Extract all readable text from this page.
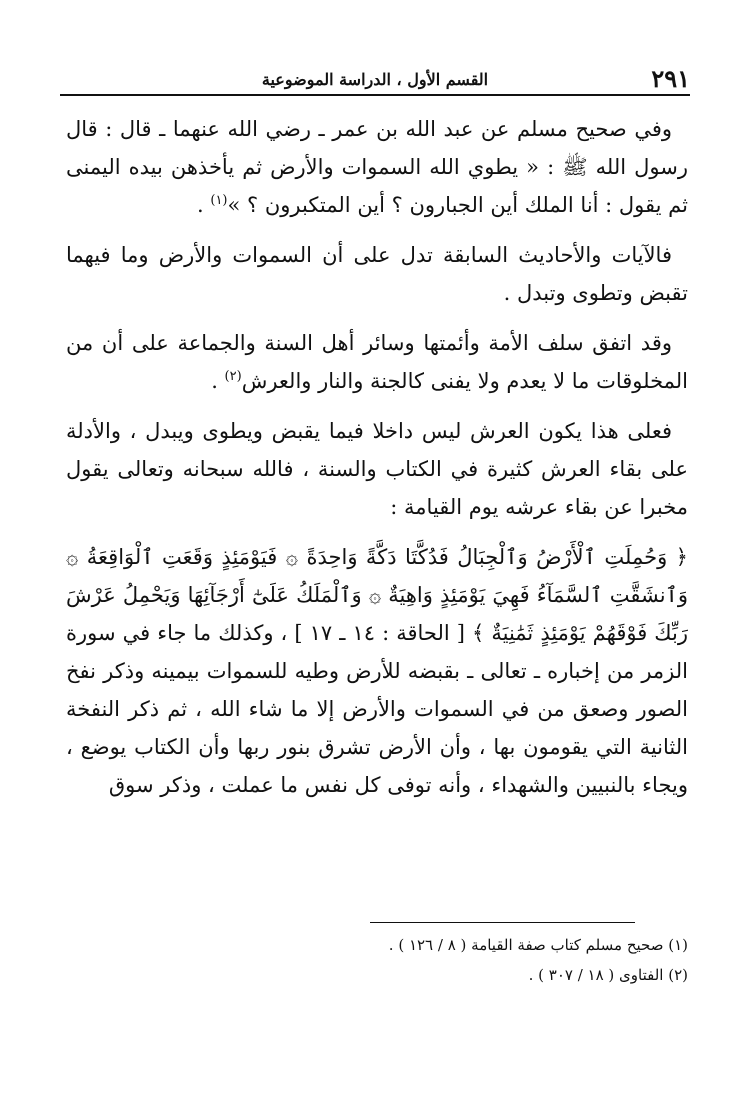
٢٩١
القسم الأول ، الدراسة الموضوعية

وفي صحيح مسلم عن عبد الله بن عمر ـ رضي الله عنهما ـ قال : قال رسول الله ﷺ : « يطوي الله السموات والأرض ثم يأخذهن بيده اليمنى ثم يقول : أنا الملك أين الجبارون ؟ أين المتكبرون ؟ »$^{(١)}$ .

فالآيات والأحاديث السابقة تدل على أن السموات والأرض وما فيهما تقبض وتطوى وتبدل .

وقد اتفق سلف الأمة وأئمتها وسائر أهل السنة والجماعة على أن من المخلوقات ما لا يعدم ولا يفنى كالجنة والنار والعرش$^{(٢)}$ .

فعلى هذا يكون العرش ليس داخلا فيما يقبض ويطوى ويبدل ، والأدلة على بقاء العرش كثيرة في الكتاب والسنة ، فالله سبحانه وتعالى يقول مخبرا عن بقاء عرشه يوم القيامة :

﴿ وَحُمِلَتِ ٱلْأَرْضُ وَٱلْجِبَالُ فَدُكَّتَا دَكَّةً وَاحِدَةً ۞ فَيَوْمَئِذٍ وَقَعَتِ ٱلْوَاقِعَةُ ۞ وَٱنشَقَّتِ ٱلسَّمَآءُ فَهِيَ يَوْمَئِذٍ وَاهِيَةٌ ۞ وَٱلْمَلَكُ عَلَىٰٓ أَرْجَآئِهَا وَيَحْمِلُ عَرْشَ رَبِّكَ فَوْقَهُمْ يَوْمَئِذٍ ثَمَٰنِيَةٌ ﴾ [ الحاقة : ١٤ ـ ١٧ ] ، وكذلك ما جاء في سورة الزمر من إخباره ـ تعالى ـ بقبضه للأرض وطيه للسموات بيمينه وذكر نفخ الصور وصعق من في السموات والأرض إلا ما شاء الله ، ثم ذكر النفخة الثانية التي يقومون بها ، وأن الأرض تشرق بنور ربها وأن الكتاب يوضع ، ويجاء بالنبيين والشهداء ، وأنه توفى كل نفس ما عملت ، وذكر سوق

(١) صحيح مسلم كتاب صفة القيامة ( ٨ / ١٢٦ ) .
(٢) الفتاوى ( ١٨ / ٣٠٧ ) .
